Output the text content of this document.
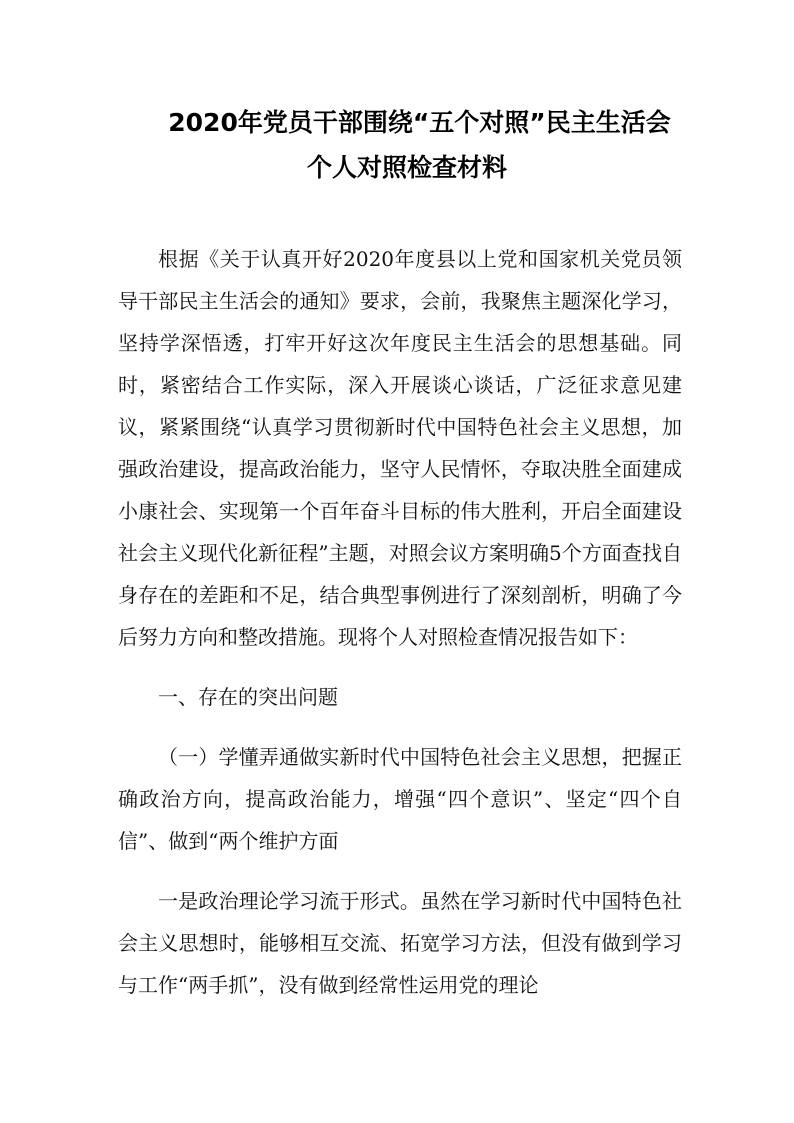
2020年党员干部围绕“五个对照”民主生活会
个人对照检查材料

根据《关于认真开好2020年度县以上党和国家机关党员领导干部民主生活会的通知》要求，会前，我聚焦主题深化学习，坚持学深悟透，打牢开好这次年度民主生活会的思想基础。同时，紧密结合工作实际，深入开展谈心谈话，广泛征求意见建议，紧紧围绕“认真学习贯彻新时代中国特色社会主义思想，加强政治建设，提高政治能力，坚守人民情怀，夺取决胜全面建成小康社会、实现第一个百年奋斗目标的伟大胜利，开启全面建设社会主义现代化新征程”主题，对照会议方案明确5个方面查找自身存在的差距和不足，结合典型事例进行了深刻剖析，明确了今后努力方向和整改措施。现将个人对照检查情况报告如下：

一、存在的突出问题

（一）学懂弄通做实新时代中国特色社会主义思想，把握正确政治方向，提高政治能力，增强“四个意识”、坚定“四个自信”、做到“两个维护方面

一是政治理论学习流于形式。虽然在学习新时代中国特色社会主义思想时，能够相互交流、拓宽学习方法，但没有做到学习与工作“两手抓”，没有做到经常性运用党的理论
